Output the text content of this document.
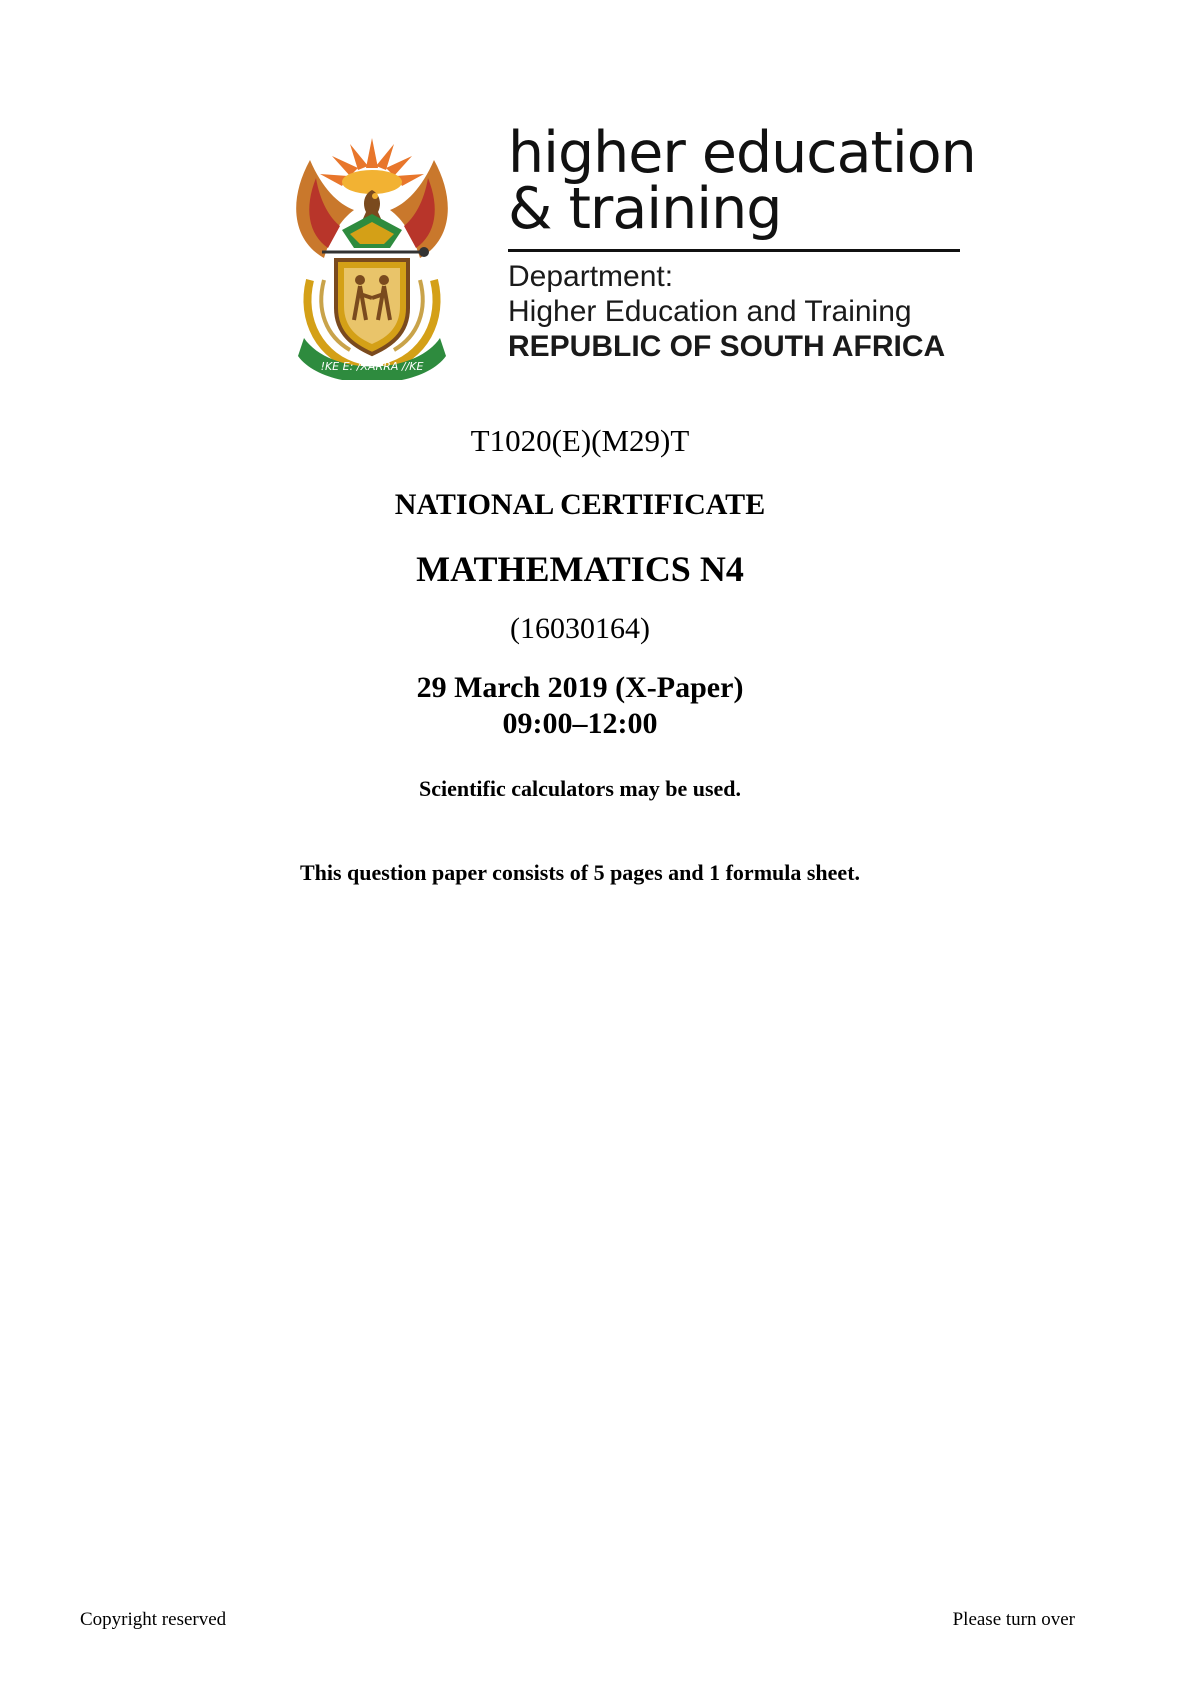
!KE E: /XARRA //KE
higher education
& training
Department:
Higher Education and Training
REPUBLIC OF SOUTH AFRICA
T1020(E)(M29)T
NATIONAL CERTIFICATE
MATHEMATICS N4
(16030164)
29 March 2019 (X-Paper)
09:00–12:00
Scientific calculators may be used.
This question paper consists of 5 pages and 1 formula sheet.
Copyright reserved	Please turn over
